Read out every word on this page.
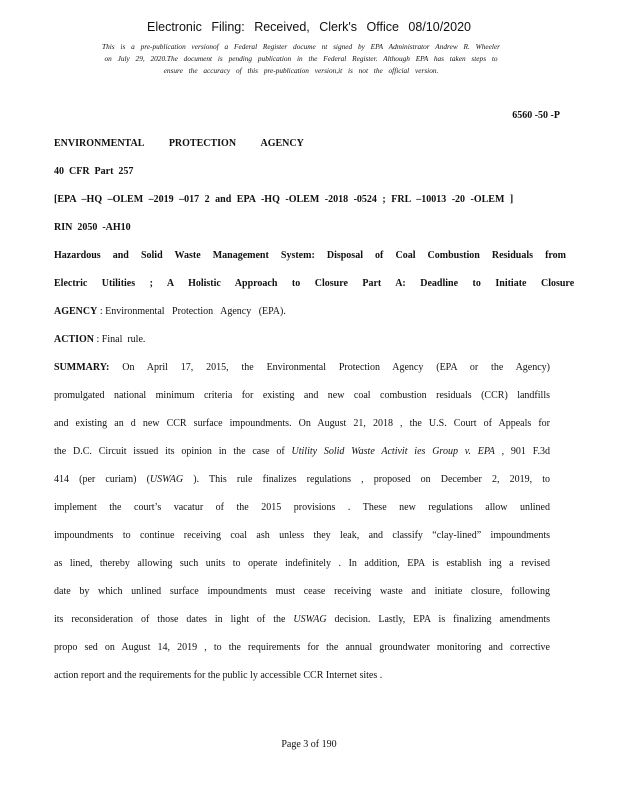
Electronic Filing: Received, Clerk's Office 08/10/2020
This is a pre-publication versionof a Federal Register docume nt signed by EPA Administrator Andrew R. Wheeler
on July 29, 2020.The document is pending publication in the Federal Register. Although EPA has taken steps to
ensure the accuracy of this pre-publication version,it is not the official version.
6560 -50 -P
ENVIRONMENTAL          PROTECTION          AGENCY
40  CFR  Part  257
[EPA –HQ –OLEM –2019 –017 2 and EPA -HQ -OLEM -2018 -0524 ; FRL –10013 -20 -OLEM ]
RIN  2050  -AH10
Hazardous and Solid Waste Management System: Disposal of Coal Combustion Residuals from
Electric Utilities ; A Holistic Approach to Closure Part A: Deadline to Initiate Closure
AGENCY : Environmental   Protection   Agency   (EPA).
ACTION : Final  rule.
SUMMARY: On April 17, 2015, the Environmental Protection Agency (EPA or the Agency)
promulgated national minimum criteria for existing and new coal combustion residuals (CCR) landfills
and existing an d new CCR surface impoundments. On August 21, 2018 , the U.S. Court of Appeals for
the D.C. Circuit issued its opinion in the case of Utility Solid Waste Activit ies Group v. EPA , 901 F.3d
414 (per curiam) (USWAG ). This rule finalizes regulations , proposed on December 2, 2019, to
implement the court’s vacatur of the 2015 provisions . These new regulations allow unlined
impoundments to continue receiving coal ash unless they leak, and classify “clay-lined” impoundments
as lined, thereby allowing such units to operate indefinitely . In addition, EPA is establish ing a revised
date by which unlined surface impoundments must cease receiving waste and initiate closure, following
its reconsideration of those dates in light of the USWAG decision. Lastly, EPA is finalizing amendments
propo sed on August 14, 2019 , to the requirements for the annual groundwater monitoring and corrective
action report and the requirements for the public ly accessible CCR Internet sites .
Page 3 of 190
